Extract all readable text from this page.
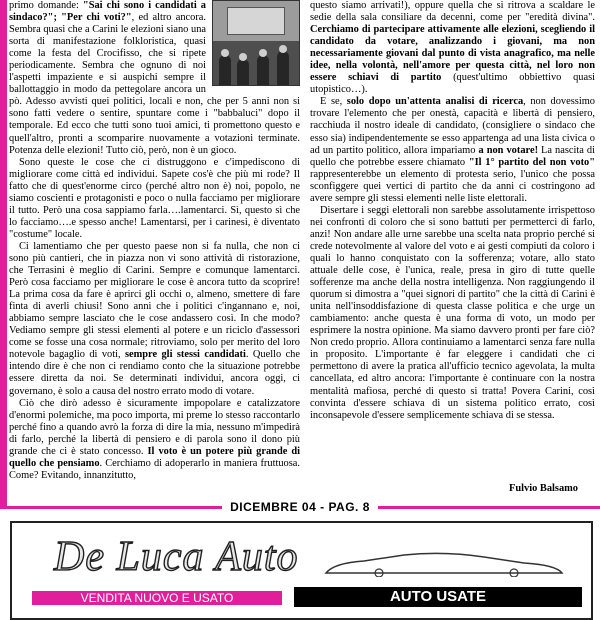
primo domande: "Sai chi sono i candidati a sindaco?"; "Per chi voti?", ed altro ancora. Sembra quasi che a Carini le elezioni siano una sorta di manifestazione folkloristica, quasi come la festa del Crocifisso, che si ripete periodicamente. Sembra che ognuno di noi l'aspetti impaziente e si auspichi sempre il ballottaggio in modo da pettegolare ancora un pò. Adesso avvisti quei politici, locali e non, che per 5 anni non si sono fatti vedere o sentire, spuntare come i "babbaluci" dopo il temporale. Ed ecco che tutti sono tuoi amici, ti promettono questo e quell'altro, pronti a scomparire nuovamente a votazioni terminate. Potenza delle elezioni! Tutto ciò, però, non è un gioco.

Sono queste le cose che ci distruggono e c'impediscono di migliorare come città ed individui. Sapete cos'è che più mi rode? Il fatto che di quest'enorme circo (perché altro non è) noi, popolo, ne siamo coscienti e protagonisti e poco o nulla facciamo per migliorare il tutto. Però una cosa sappiamo farla….lamentarci. Sì, questo sì che lo facciamo….e spesso anche! Lamentarsi, per i carinesi, è diventato "costume" locale.

Ci lamentiamo che per questo paese non si fa nulla, che non ci sono più cantieri, che in piazza non vi sono attività di ristorazione, che Terrasini è meglio di Carini. Sempre e comunque lamentarci. Però cosa facciamo per migliorare le cose è ancora tutto da scoprire! La prima cosa da fare è aprirci gli occhi o, almeno, smettere di fare finta di averli chiusi! Sono anni che i politici c'ingannano e, noi, abbiamo sempre lasciato che le cose andassero così. In che modo? Vediamo sempre gli stessi elementi al potere e un riciclo d'assessori come se fosse una cosa normale; ritroviamo, solo per merito del loro notevole bagaglio di voti, sempre gli stessi candidati. Quello che intendo dire è che non ci rendiamo conto che la situazione potrebbe essere diretta da noi. Se determinati individui, ancora oggi, ci governano, è solo a causa del nostro errato modo di votare.

Ciò che dirò adesso è sicuramente impopolare e catalizzatore d'enormi polemiche, ma poco importa, mi preme lo stesso raccontarlo perché fino a quando avrò la forza di dire la mia, nessuno m'impedirà di farlo, perché la libertà di pensiero e di parola sono il dono più grande che ci è stato concesso. Il voto è un potere più grande di quello che pensiamo. Cerchiamo di adoperarlo in maniera fruttuosa. Come? Evitando, innanzitutto,

questo siamo arrivati!), oppure quella che si ritrova a scaldare le sedie della sala consiliare da decenni, come per "eredità divina". Cerchiamo di partecipare attivamente alle elezioni, scegliendo il candidato da votare, analizzando i giovani, ma non necessariamente giovani dal punto di vista anagrafico, ma nelle idee, nella volontà, nell'amore per questa città, nel loro non essere schiavi di partito (quest'ultimo obbiettivo quasi utopistico…).

E se, solo dopo un'attenta analisi di ricerca, non dovessimo trovare l'elemento che per onestà, capacità e libertà di pensiero, racchiuda il nostro ideale di candidato, (consigliere o sindaco che esso sia) indipendentemente se esso appartenga ad una lista civica o ad un partito politico, allora impariamo a non votare! La nascita di quello che potrebbe essere chiamato "Il 1° partito del non voto" rappresenterebbe un elemento di protesta serio, l'unico che possa sconfiggere quei vertici di partito che da anni ci costringono ad avere sempre gli stessi elementi nelle liste elettorali.

Disertare i seggi elettorali non sarebbe assolutamente irrispettoso nei confronti di coloro che si sono battuti per permetterci di farlo, anzi! Non andare alle urne sarebbe una scelta nata proprio perché si crede notevolmente al valore del voto e ai gesti compiuti da coloro i quali lo hanno conquistato con la sofferenza; votare, allo stato attuale delle cose, è l'unica, reale, presa in giro di tutte quelle sofferenze ma anche della nostra intelligenza. Non raggiungendo il quorum si dimostra a "quei signori di partito" che la città di Carini è unita nell'insoddisfazione di questa classe politica e che urge un cambiamento: anche questa è una forma di voto, un modo per esprimere la nostra opinione. Ma siamo davvero pronti per fare ciò? Non credo proprio. Allora continuiamo a lamentarci senza fare nulla in proposito. L'importante è far eleggere i candidati che ci permettono di avere la pratica all'ufficio tecnico agevolata, la multa cancellata, ed altro ancora: l'importante è continuare con la nostra mentalità mafiosa, perché di questo si tratta! Povera Carini, così convinta d'essere schiava di un sistema politico errato, così inconsapevole d'essere semplicemente schiava di se stessa.

Fulvio Balsamo
DICEMBRE 04 - PAG. 8
De Luca Auto
VENDITA NUOVO E USATO	AUTO USATE
